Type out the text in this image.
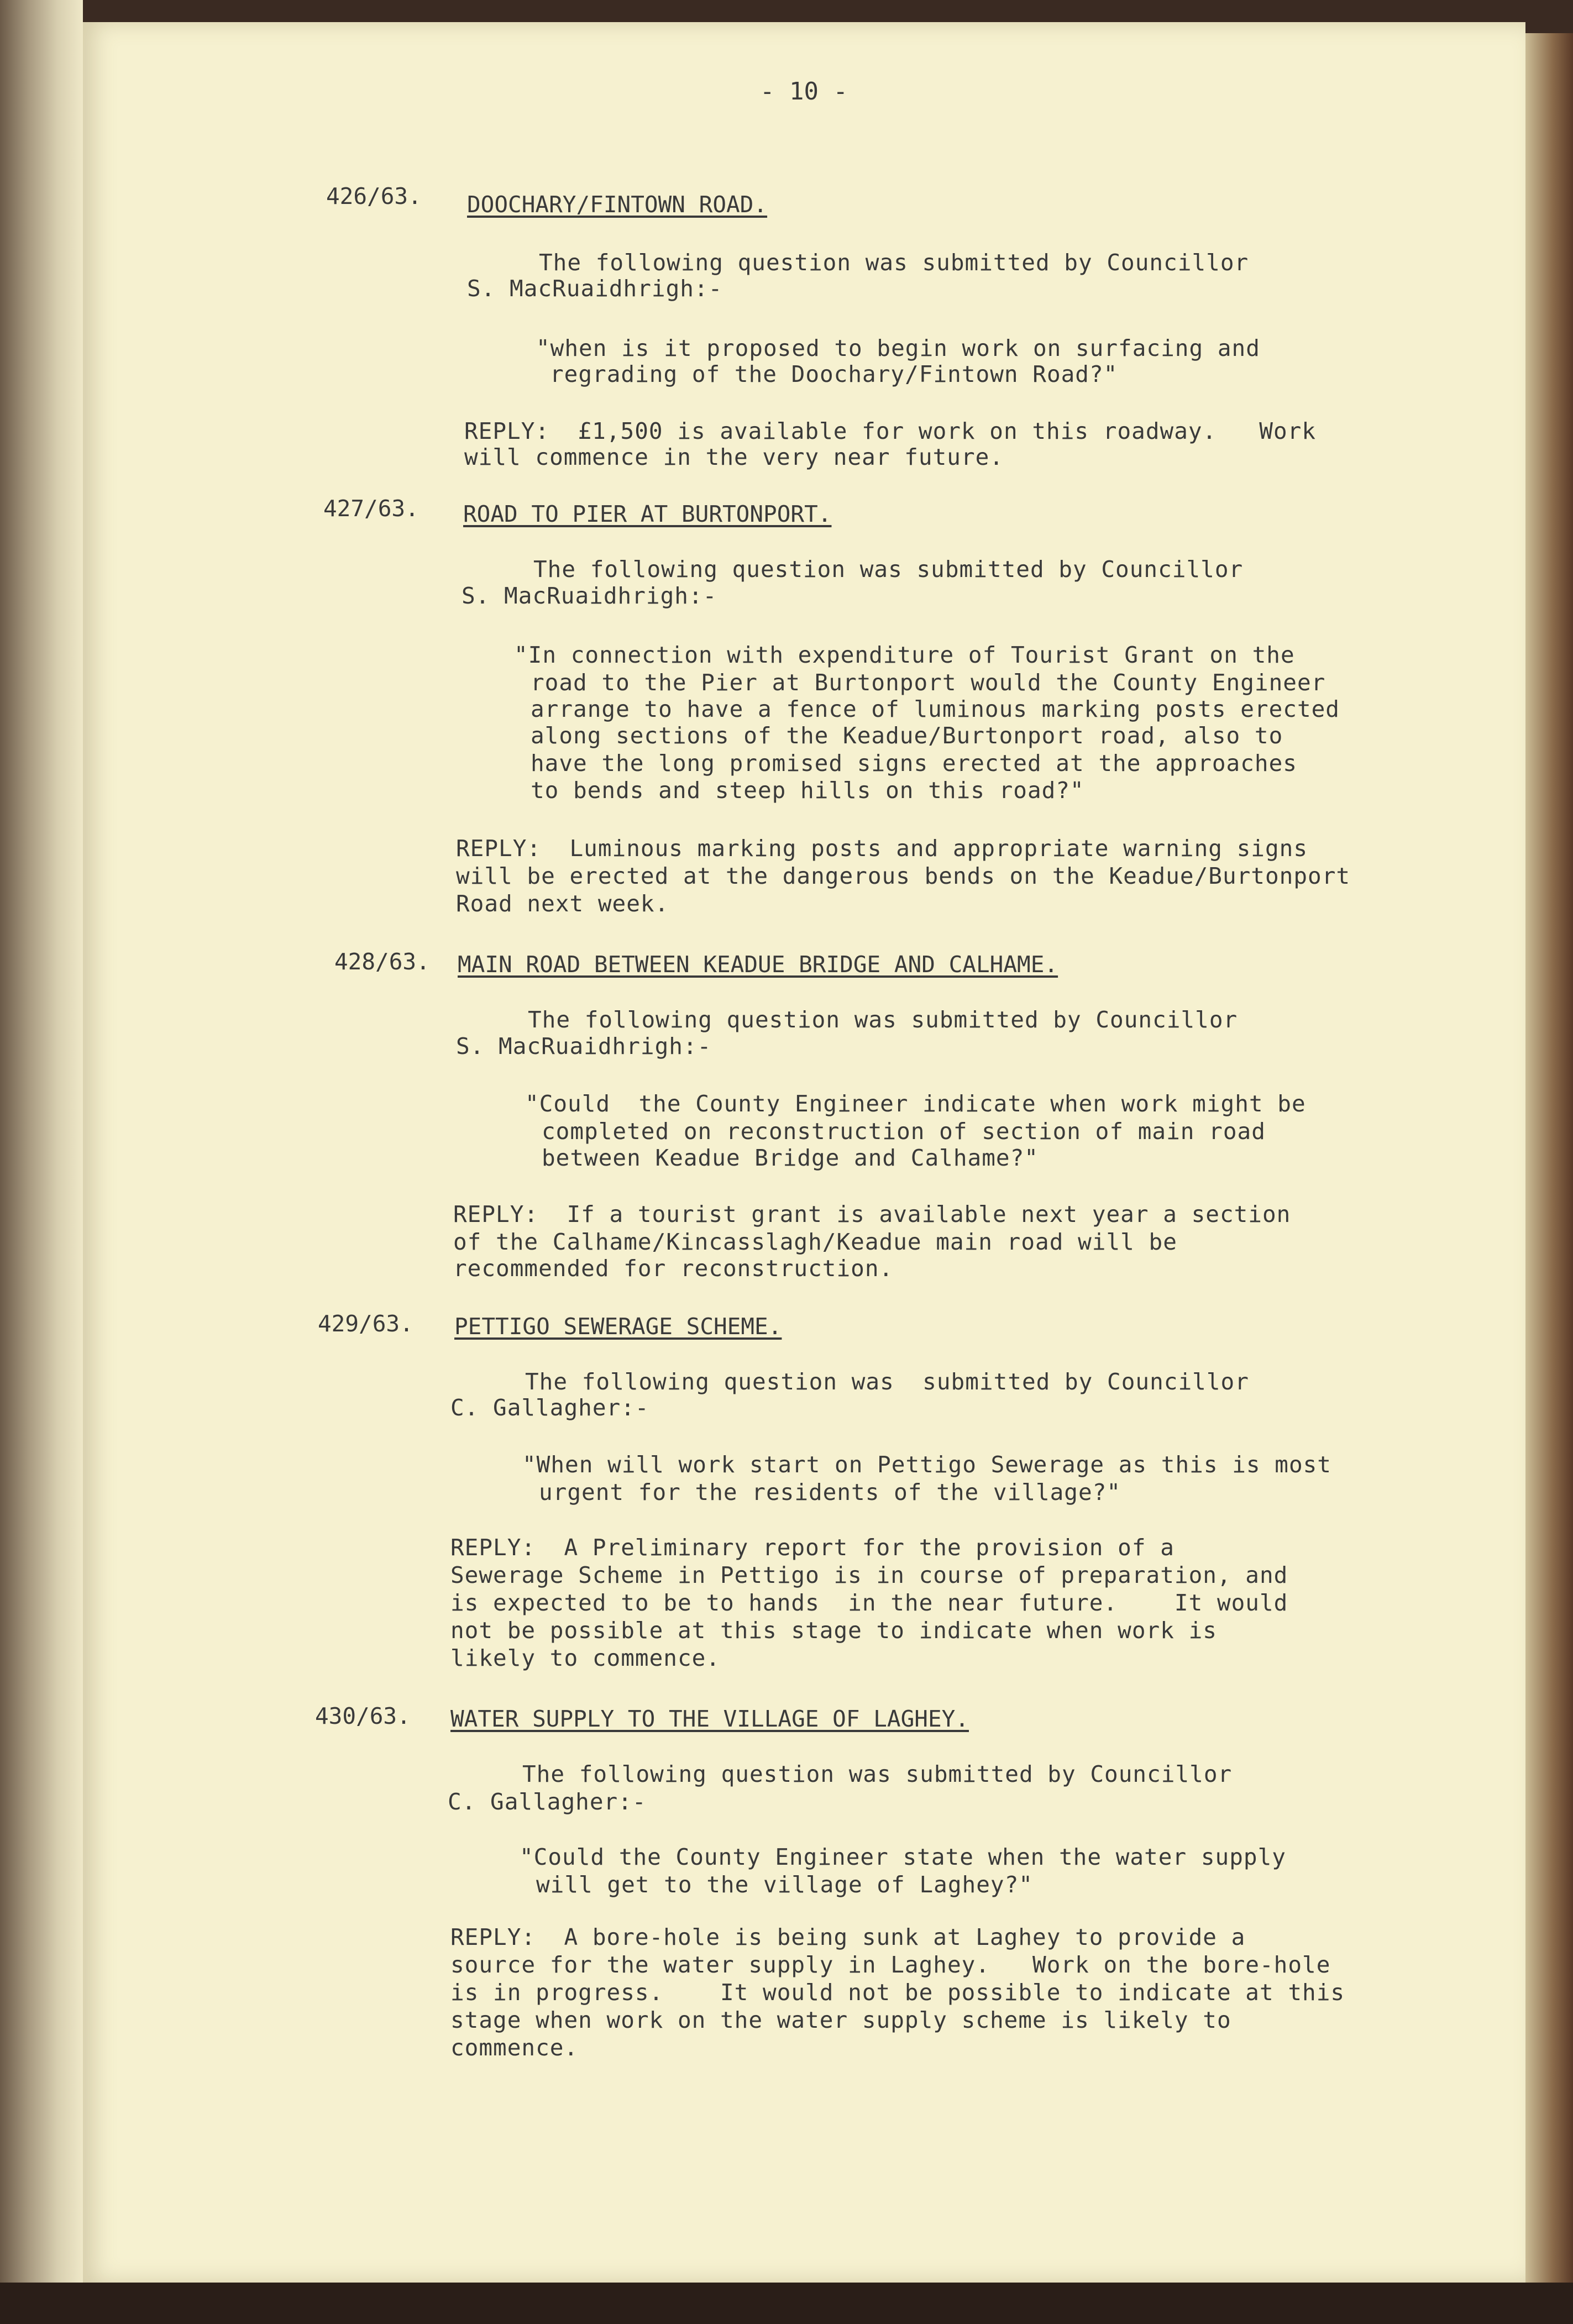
- 10 -
426/63. DOOCHARY/FINTOWN ROAD.
The following question was submitted by Councillor
S. MacRuaidhrigh:-
"when is it proposed to begin work on surfacing and
regrading of the Doochary/Fintown Road?"
REPLY:  £1,500 is available for work on this roadway.   Work
will commence in the very near future.
427/63. ROAD TO PIER AT BURTONPORT.
The following question was submitted by Councillor
S. MacRuaidhrigh:-
"In connection with expenditure of Tourist Grant on the
road to the Pier at Burtonport would the County Engineer
arrange to have a fence of luminous marking posts erected
along sections of the Keadue/Burtonport road, also to
have the long promised signs erected at the approaches
to bends and steep hills on this road?"
REPLY:  Luminous marking posts and appropriate warning signs
will be erected at the dangerous bends on the Keadue/Burtonport
Road next week.
428/63. MAIN ROAD BETWEEN KEADUE BRIDGE AND CALHAME.
The following question was submitted by Councillor
S. MacRuaidhrigh:-
"Could  the County Engineer indicate when work might be
completed on reconstruction of section of main road
between Keadue Bridge and Calhame?"
REPLY:  If a tourist grant is available next year a section
of the Calhame/Kincasslagh/Keadue main road will be
recommended for reconstruction.
429/63. PETTIGO SEWERAGE SCHEME.
The following question was  submitted by Councillor
C. Gallagher:-
"When will work start on Pettigo Sewerage as this is most
urgent for the residents of the village?"
REPLY:  A Preliminary report for the provision of a
Sewerage Scheme in Pettigo is in course of preparation, and
is expected to be to hands  in the near future.    It would
not be possible at this stage to indicate when work is
likely to commence.
430/63. WATER SUPPLY TO THE VILLAGE OF LAGHEY.
The following question was submitted by Councillor
C. Gallagher:-
"Could the County Engineer state when the water supply
will get to the village of Laghey?"
REPLY:  A bore-hole is being sunk at Laghey to provide a
source for the water supply in Laghey.   Work on the bore-hole
is in progress.    It would not be possible to indicate at this
stage when work on the water supply scheme is likely to
commence.
